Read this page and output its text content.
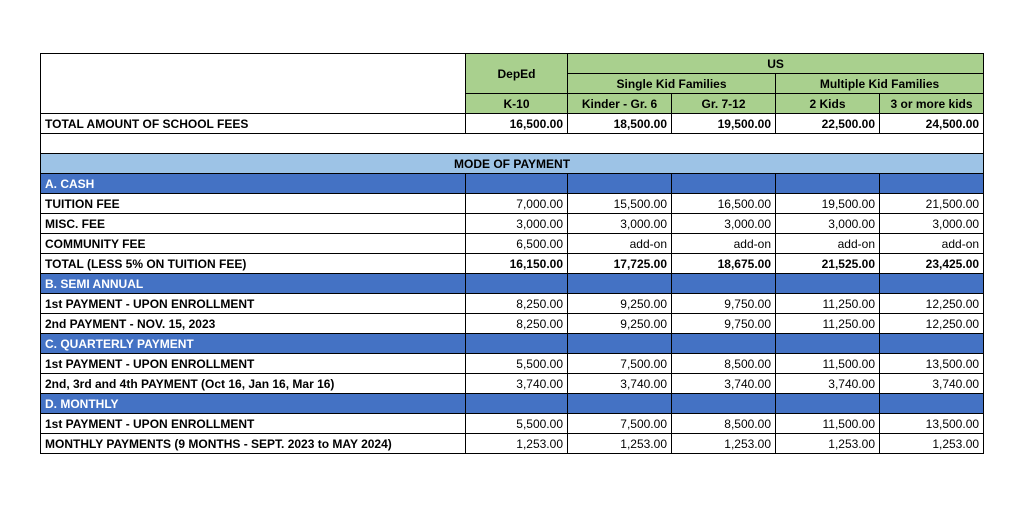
	DepEd	US			
		Single Kid Families		Multiple Kid Families	
	K-10	Kinder - Gr. 6	Gr. 7-12	2 Kids	3 or more kids
TOTAL AMOUNT OF SCHOOL FEES	16,500.00	18,500.00	19,500.00	22,500.00	24,500.00

MODE OF PAYMENT					
A. CASH					
TUITION FEE	7,000.00	15,500.00	16,500.00	19,500.00	21,500.00
MISC. FEE	3,000.00	3,000.00	3,000.00	3,000.00	3,000.00
COMMUNITY FEE	6,500.00	add-on	add-on	add-on	add-on
TOTAL (LESS 5% ON TUITION FEE)	16,150.00	17,725.00	18,675.00	21,525.00	23,425.00
B. SEMI ANNUAL					
1st PAYMENT - UPON ENROLLMENT	8,250.00	9,250.00	9,750.00	11,250.00	12,250.00
2nd PAYMENT - NOV. 15, 2023	8,250.00	9,250.00	9,750.00	11,250.00	12,250.00
C. QUARTERLY PAYMENT					
1st PAYMENT - UPON ENROLLMENT	5,500.00	7,500.00	8,500.00	11,500.00	13,500.00
2nd, 3rd and 4th PAYMENT (Oct 16, Jan 16, Mar 16)	3,740.00	3,740.00	3,740.00	3,740.00	3,740.00
D. MONTHLY					
1st PAYMENT - UPON ENROLLMENT	5,500.00	7,500.00	8,500.00	11,500.00	13,500.00
MONTHLY PAYMENTS (9 MONTHS - SEPT. 2023 to MAY 2024)	1,253.00	1,253.00	1,253.00	1,253.00	1,253.00
